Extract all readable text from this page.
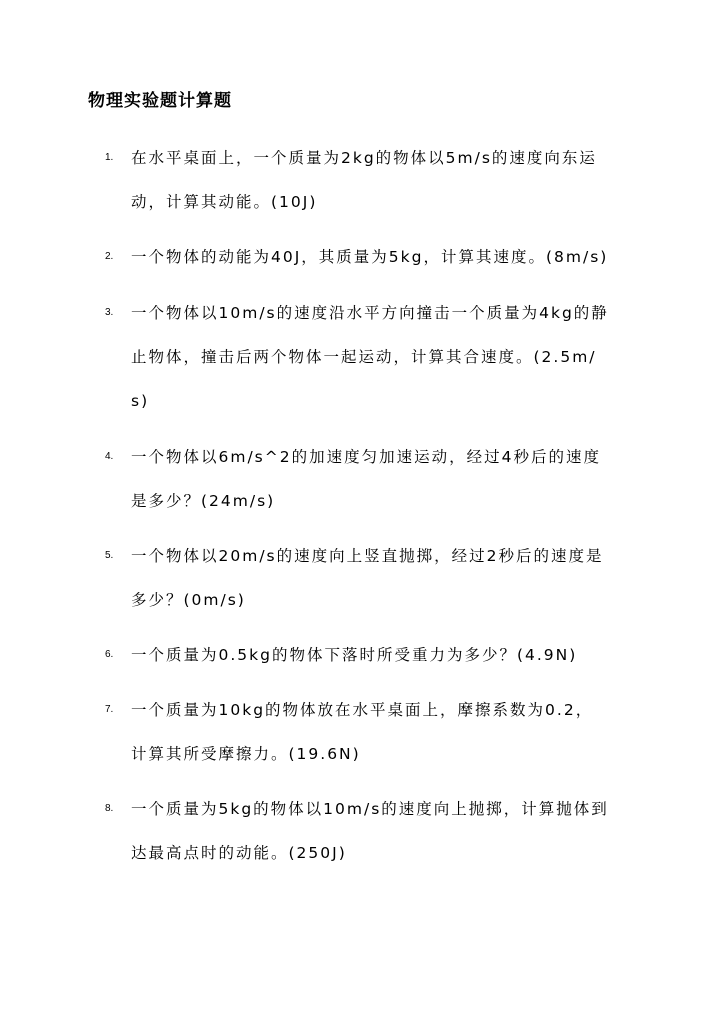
物理实验题计算题
1.	在水平桌面上，一个质量为2kg的物体以5m/s的速度向东运
动，计算其动能。(10J)
2.	一个物体的动能为40J，其质量为5kg，计算其速度。(8m/s)
3.	一个物体以10m/s的速度沿水平方向撞击一个质量为4kg的静
止物体，撞击后两个物体一起运动，计算其合速度。(2.5m/
s)
4.	一个物体以6m/s^2的加速度匀加速运动，经过4秒后的速度
是多少？(24m/s)
5.	一个物体以20m/s的速度向上竖直抛掷，经过2秒后的速度是
多少？(0m/s)
6.	一个质量为0.5kg的物体下落时所受重力为多少？(4.9N)
7.	一个质量为10kg的物体放在水平桌面上，摩擦系数为0.2，
计算其所受摩擦力。(19.6N)
8.	一个质量为5kg的物体以10m/s的速度向上抛掷，计算抛体到
达最高点时的动能。(250J)
